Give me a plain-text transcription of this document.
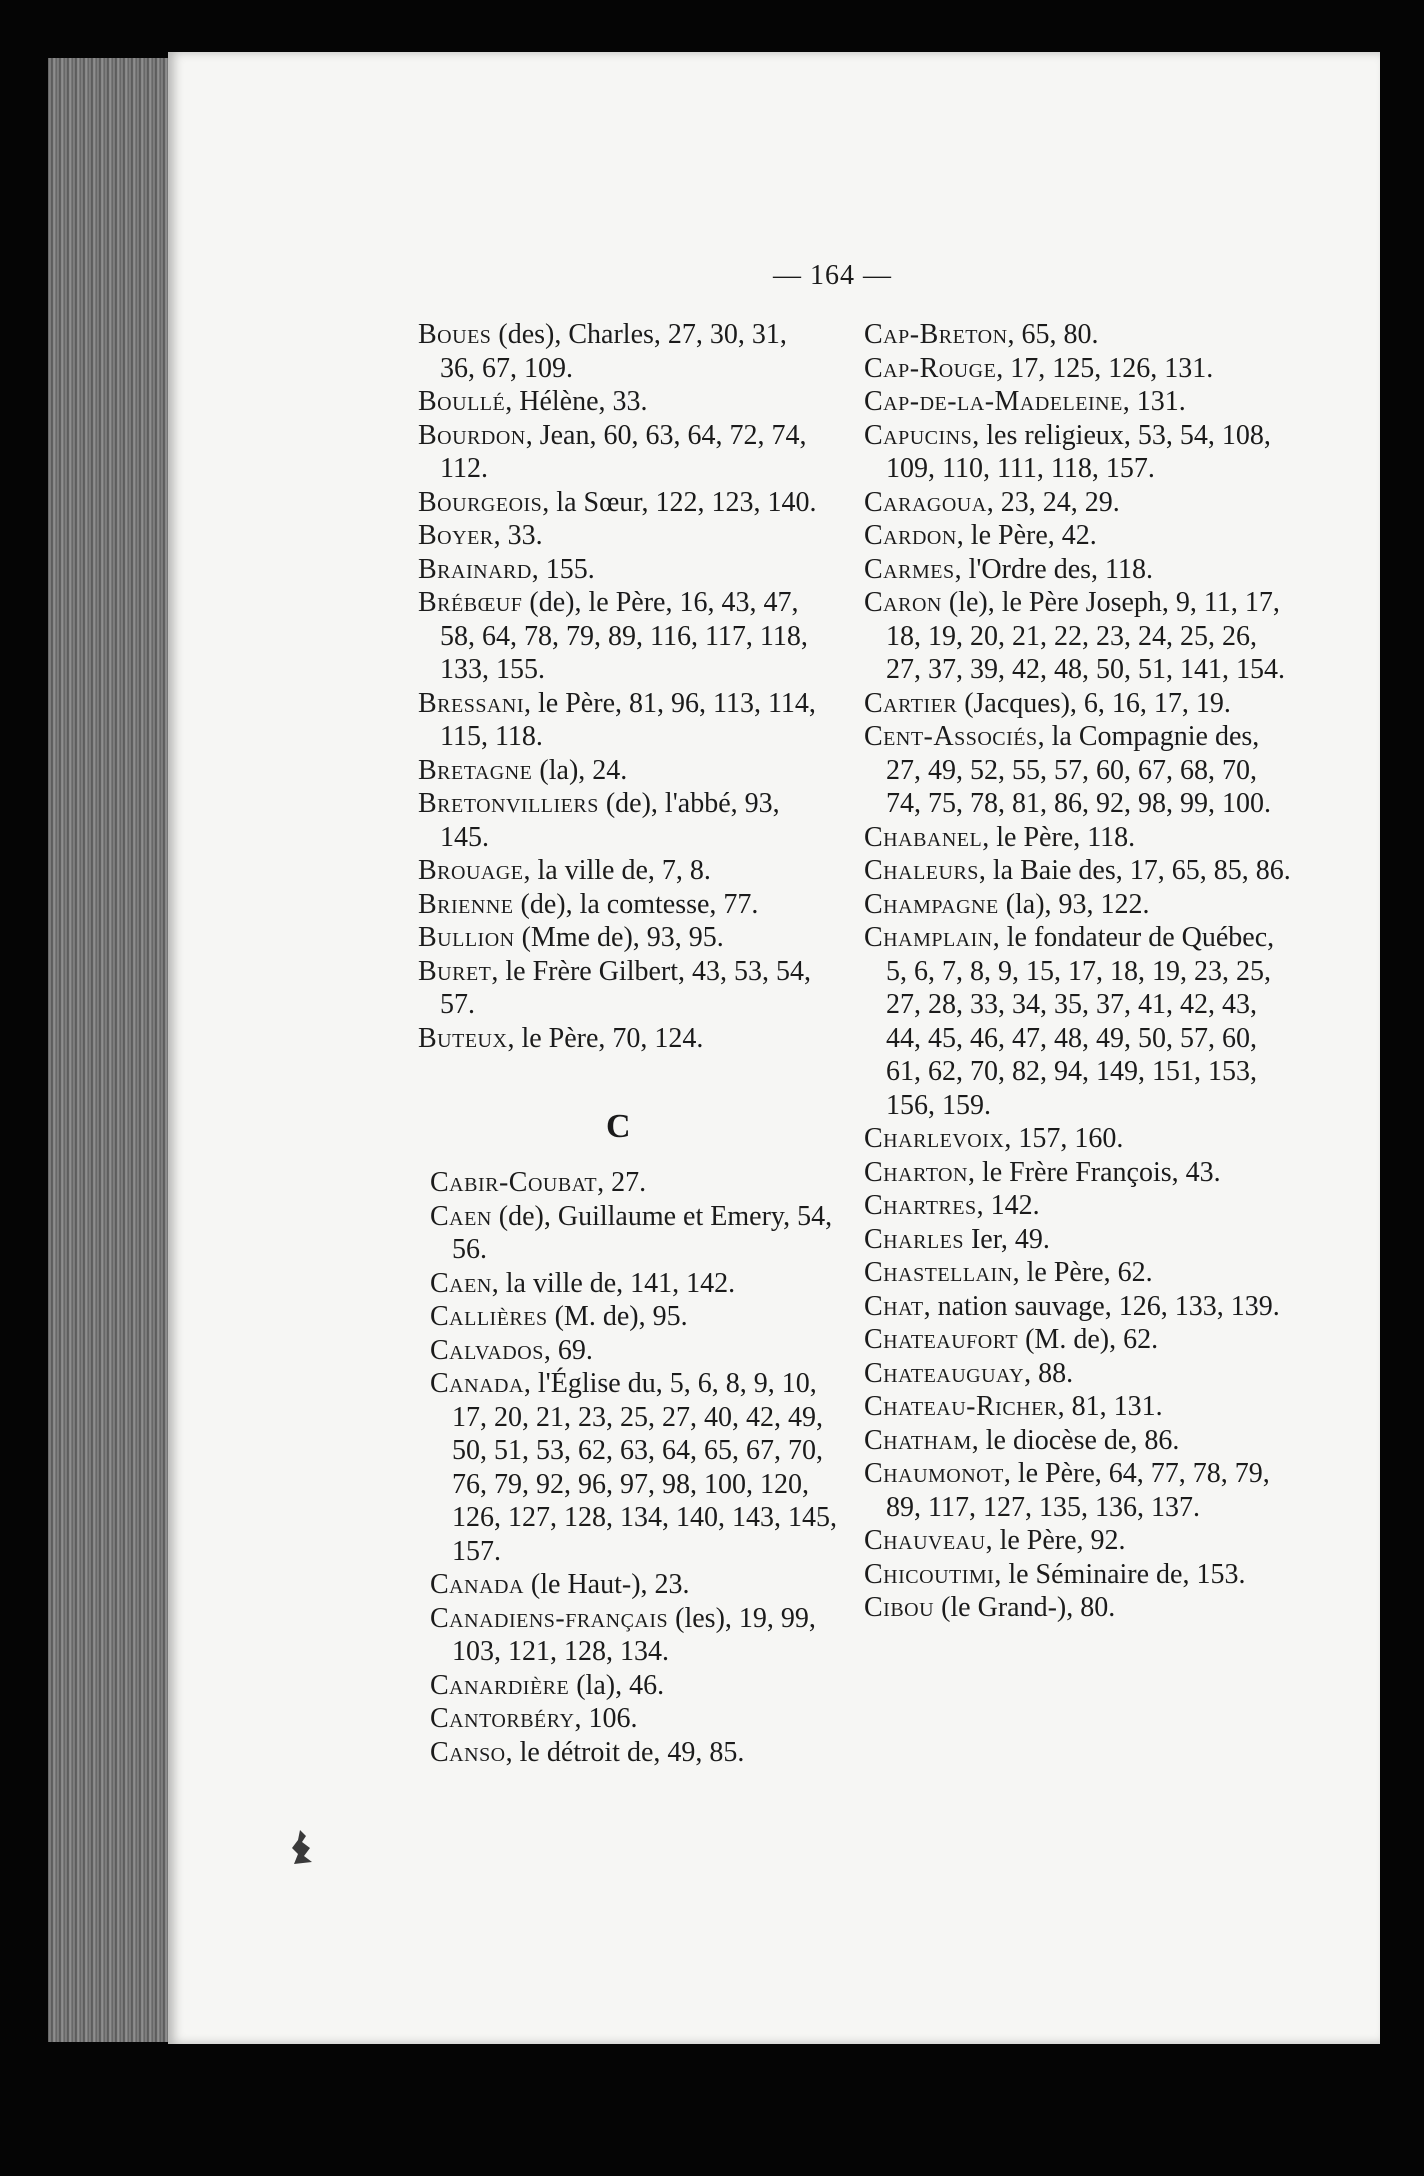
— 164 —
Boues (des), Charles, 27, 30, 31, 36, 67, 109.
Boullé, Hélène, 33.
Bourdon, Jean, 60, 63, 64, 72, 74, 112.
Bourgeois, la Sœur, 122, 123, 140.
Boyer, 33.
Brainard, 155.
Brébœuf (de), le Père, 16, 43, 47, 58, 64, 78, 79, 89, 116, 117, 118, 133, 155.
Bressani, le Père, 81, 96, 113, 114, 115, 118.
Bretagne (la), 24.
Bretonvilliers (de), l'abbé, 93, 145.
Brouage, la ville de, 7, 8.
Brienne (de), la comtesse, 77.
Bullion (Mme de), 93, 95.
Buret, le Frère Gilbert, 43, 53, 54, 57.
Buteux, le Père, 70, 124.
C
Cabir-Coubat, 27.
Caen (de), Guillaume et Emery, 54, 56.
Caen, la ville de, 141, 142.
Callières (M. de), 95.
Calvados, 69.
Canada, l'Église du, 5, 6, 8, 9, 10, 17, 20, 21, 23, 25, 27, 40, 42, 49, 50, 51, 53, 62, 63, 64, 65, 67, 70, 76, 79, 92, 96, 97, 98, 100, 120, 126, 127, 128, 134, 140, 143, 145, 157.
Canada (le Haut-), 23.
Canadiens-français (les), 19, 99, 103, 121, 128, 134.
Canardière (la), 46.
Cantorbéry, 106.
Canso, le détroit de, 49, 85.
Cap-Breton, 65, 80.
Cap-Rouge, 17, 125, 126, 131.
Cap-de-la-Madeleine, 131.
Capucins, les religieux, 53, 54, 108, 109, 110, 111, 118, 157.
Caragoua, 23, 24, 29.
Cardon, le Père, 42.
Carmes, l'Ordre des, 118.
Caron (le), le Père Joseph, 9, 11, 17, 18, 19, 20, 21, 22, 23, 24, 25, 26, 27, 37, 39, 42, 48, 50, 51, 141, 154.
Cartier (Jacques), 6, 16, 17, 19.
Cent-Associés, la Compagnie des, 27, 49, 52, 55, 57, 60, 67, 68, 70, 74, 75, 78, 81, 86, 92, 98, 99, 100.
Chabanel, le Père, 118.
Chaleurs, la Baie des, 17, 65, 85, 86.
Champagne (la), 93, 122.
Champlain, le fondateur de Québec, 5, 6, 7, 8, 9, 15, 17, 18, 19, 23, 25, 27, 28, 33, 34, 35, 37, 41, 42, 43, 44, 45, 46, 47, 48, 49, 50, 57, 60, 61, 62, 70, 82, 94, 149, 151, 153, 156, 159.
Charlevoix, 157, 160.
Charton, le Frère François, 43.
Chartres, 142.
Charles Ier, 49.
Chastellain, le Père, 62.
Chat, nation sauvage, 126, 133, 139.
Chateaufort (M. de), 62.
Chateauguay, 88.
Chateau-Richer, 81, 131.
Chatham, le diocèse de, 86.
Chaumonot, le Père, 64, 77, 78, 79, 89, 117, 127, 135, 136, 137.
Chauveau, le Père, 92.
Chicoutimi, le Séminaire de, 153.
Cibou (le Grand-), 80.
